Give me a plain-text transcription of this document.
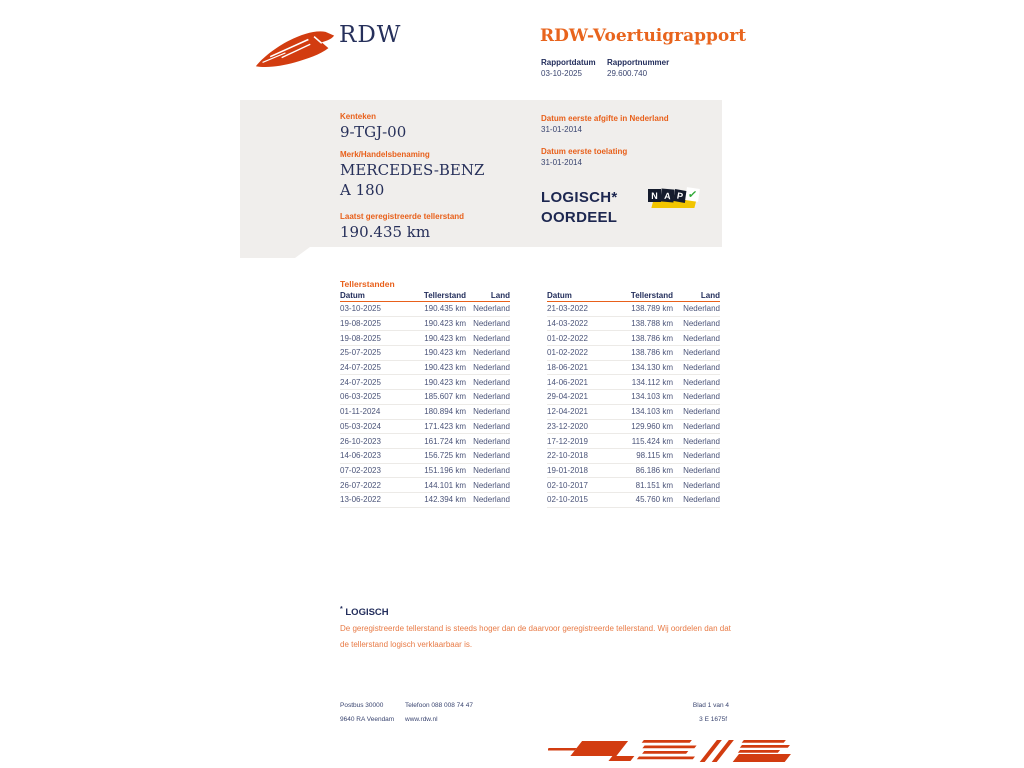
RDW	RDW-Voertuigrapport
Rapportdatum
03-10-2025
Rapportnummer
29.600.740
Kenteken
9-TGJ-00
Merk/Handelsbenaming
MERCEDES-BENZ A 180
Laatst geregistreerde tellerstand
190.435 km
Datum eerste afgifte in Nederland
31-01-2014
Datum eerste toelating
31-01-2014
LOGISCH*
OORDEEL
N A P ✓
Tellerstanden
Datum	Tellerstand	Land
03-10-2025	190.435 km Nederland
19-08-2025	190.423 km Nederland
19-08-2025	190.423 km Nederland
25-07-2025	190.423 km Nederland
24-07-2025	190.423 km Nederland
24-07-2025	190.423 km Nederland
06-03-2025	185.607 km Nederland
01-11-2024	180.894 km Nederland
05-03-2024	171.423 km Nederland
26-10-2023	161.724 km Nederland
14-06-2023	156.725 km Nederland
07-02-2023	151.196 km Nederland
26-07-2022	144.101 km Nederland
13-06-2022	142.394 km Nederland
Datum	Tellerstand	Land
21-03-2022	138.789 km	Nederland
14-03-2022	138.788 km	Nederland
01-02-2022	138.786 km	Nederland
01-02-2022	138.786 km	Nederland
18-06-2021	134.130 km	Nederland
14-06-2021	134.112 km	Nederland
29-04-2021	134.103 km	Nederland
12-04-2021	134.103 km	Nederland
23-12-2020	129.960 km	Nederland
17-12-2019	115.424 km	Nederland
22-10-2018	98.115 km	Nederland
19-01-2018	86.186 km	Nederland
02-10-2017	81.151 km	Nederland
02-10-2015	45.760 km	Nederland
* LOGISCH
De geregistreerde tellerstand is steeds hoger dan de daarvoor geregistreerde tellerstand. Wij oordelen dan dat de tellerstand logisch verklaarbaar is.
Postbus 30000
9640 RA Veendam
Telefoon 088 008 74 47
www.rdw.nl
Blad 1 van 4
3 E 1675f
